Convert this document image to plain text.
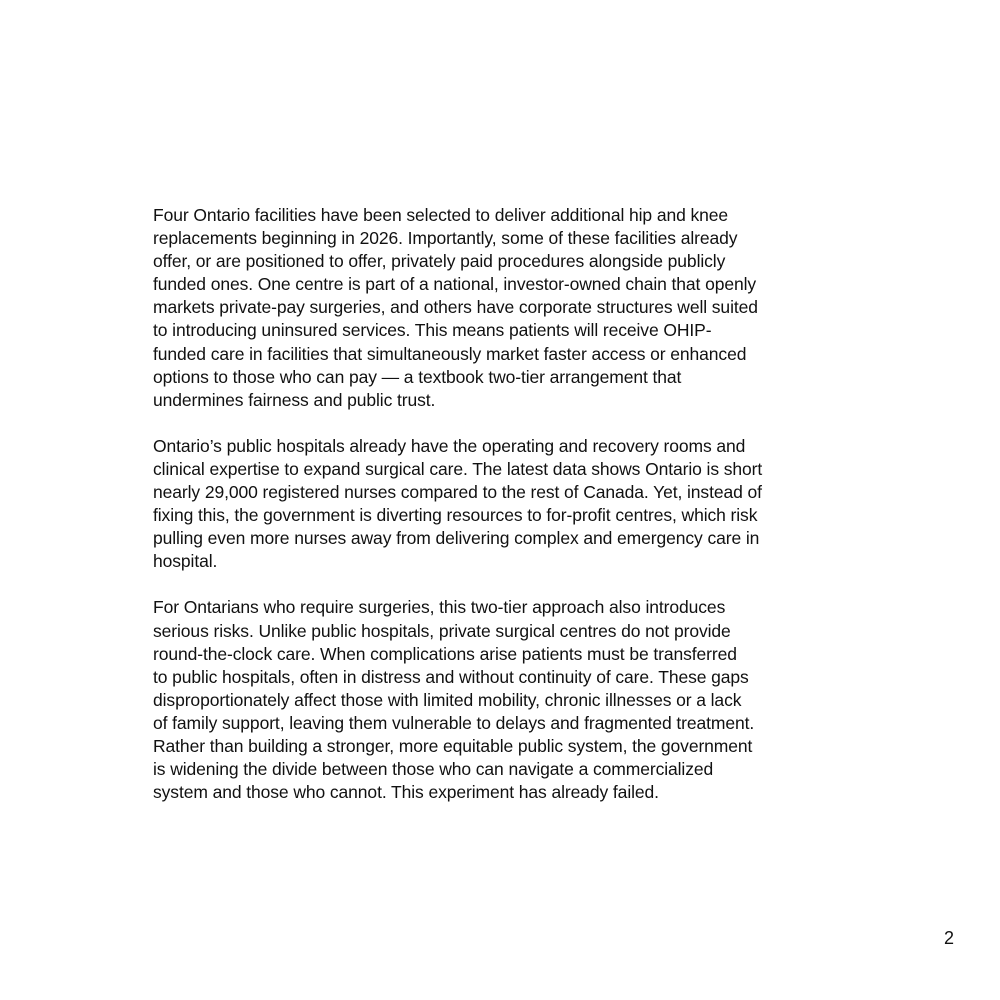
Four Ontario facilities have been selected to deliver additional hip and knee
replacements beginning in 2026. Importantly, some of these facilities already
offer, or are positioned to offer, privately paid procedures alongside publicly
funded ones. One centre is part of a national, investor-owned chain that openly
markets private-pay surgeries, and others have corporate structures well suited
to introducing uninsured services. This means patients will receive OHIP-
funded care in facilities that simultaneously market faster access or enhanced
options to those who can pay — a textbook two-tier arrangement that
undermines fairness and public trust.

Ontario’s public hospitals already have the operating and recovery rooms and
clinical expertise to expand surgical care. The latest data shows Ontario is short
nearly 29,000 registered nurses compared to the rest of Canada. Yet, instead of
fixing this, the government is diverting resources to for-profit centres, which risk
pulling even more nurses away from delivering complex and emergency care in
hospital.

For Ontarians who require surgeries, this two-tier approach also introduces
serious risks. Unlike public hospitals, private surgical centres do not provide
round-the-clock care. When complications arise patients must be transferred
to public hospitals, often in distress and without continuity of care. These gaps
disproportionately affect those with limited mobility, chronic illnesses or a lack
of family support, leaving them vulnerable to delays and fragmented treatment.
Rather than building a stronger, more equitable public system, the government
is widening the divide between those who can navigate a commercialized
system and those who cannot. This experiment has already failed.

2
